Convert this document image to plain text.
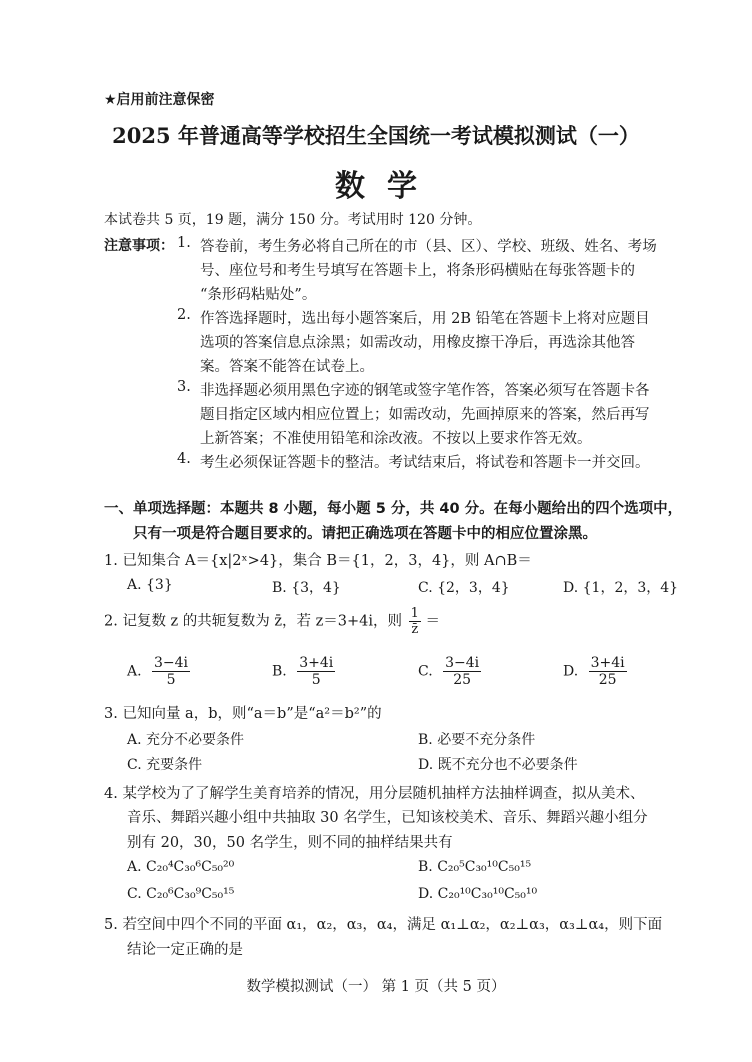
★启用前注意保密
2025 年普通高等学校招生全国统一考试模拟测试（一）
数学
本试卷共 5 页，19 题，满分 150 分。考试用时 120 分钟。
注意事项： 1. 答卷前，考生务必将自己所在的市（县、区）、学校、班级、姓名、考场
号、座位号和考生号填写在答题卡上，将条形码横贴在每张答题卡的
“条形码粘贴处”。
2. 作答选择题时，选出每小题答案后，用 2B 铅笔在答题卡上将对应题目
选项的答案信息点涂黑；如需改动，用橡皮擦干净后，再选涂其他答
案。答案不能答在试卷上。
3. 非选择题必须用黑色字迹的钢笔或签字笔作答，答案必须写在答题卡各
题目指定区域内相应位置上；如需改动，先画掉原来的答案，然后再写
上新答案；不准使用铅笔和涂改液。不按以上要求作答无效。
4. 考生必须保证答题卡的整洁。考试结束后，将试卷和答题卡一并交回。
一、单项选择题：本题共 8 小题，每小题 5 分，共 40 分。在每小题给出的四个选项中，
只有一项是符合题目要求的。请把正确选项在答题卡中的相应位置涂黑。
1. 已知集合 A＝{x|2ˣ>4}，集合 B＝{1，2，3，4}，则 A∩B＝
A. {3}	B. {3，4}	C. {2，3，4}	D. {1，2，3，4}
2. 记复数 z 的共轭复数为 z̄，若 z＝3+4i，则 $\frac{1}{z̄}$ ＝
A. $\frac{3-4i}{5}$	B. $\frac{3+4i}{5}$	C. $\frac{3-4i}{25}$	D. $\frac{3+4i}{25}$
3. 已知向量 a，b，则“a＝b”是“a²＝b²”的
A. 充分不必要条件	B. 必要不充分条件
C. 充要条件	D. 既不充分也不必要条件
4. 某学校为了了解学生美育培养的情况，用分层随机抽样方法抽样调查，拟从美术、
音乐、舞蹈兴趣小组中共抽取 30 名学生，已知该校美术、音乐、舞蹈兴趣小组分
别有 20，30，50 名学生，则不同的抽样结果共有
A. C₂₀⁴C₃₀⁶C₅₀²⁰	B. C₂₀⁵C₃₀¹⁰C₅₀¹⁵
C. C₂₀⁶C₃₀⁹C₅₀¹⁵	D. C₂₀¹⁰C₃₀¹⁰C₅₀¹⁰
5. 若空间中四个不同的平面 α₁，α₂，α₃，α₄，满足 α₁⊥α₂，α₂⊥α₃，α₃⊥α₄，则下面
结论一定正确的是
数学模拟测试（一） 第 1 页（共 5 页）
